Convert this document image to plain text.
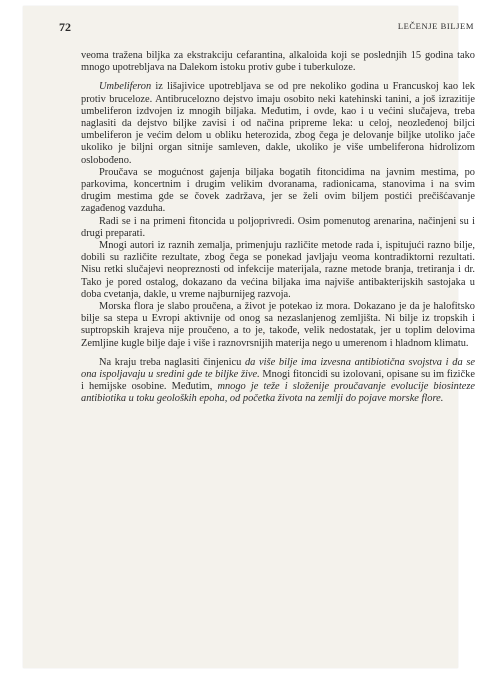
72	LEČENJE BILJEM

veoma tražena biljka za ekstrakciju cefarantina, alkaloida koji se poslednjih 15 godina tako mnogo upotrebljava na Dalekom istoku protiv gube i tuberkuloze.

Umbeliferon iz lišajivice upotrebljava se od pre nekoliko godina u Francuskoj kao lek protiv bruceloze. Antibrucelozno dejstvo imaju osobito neki katehinski tanini, a još izrazitije umbeliferon izdvojen iz mnogih biljaka. Međutim, i ovde, kao i u većini slučajeva, treba naglasiti da dejstvo biljke zavisi i od načina pripreme leka: u celoj, neozleđenoj biljci umbeliferon je većim delom u obliku heterozida, zbog čega je delovanje biljke utoliko jače ukoliko je biljni organ sitnije samleven, dakle, ukoliko je više umbeliferona hidrolizom oslobođeno.

Proučava se mogućnost gajenja biljaka bogatih fitoncidima na javnim mestima, po parkovima, koncertnim i drugim velikim dvoranama, radionicama, stanovima i na svim drugim mestima gde se čovek zadržava, jer se želi ovim biljem postići prečišćavanje zagađenog vazduha.

Radi se i na primeni fitoncida u poljoprivredi. Osim pomenutog arenarina, načinjeni su i drugi preparati.

Mnogi autori iz raznih zemalja, primenjuju različite metode rada i, ispitujući razno bilje, dobili su različite rezultate, zbog čega se ponekad javljaju veoma kontradiktorni rezultati. Nisu retki slučajevi neopreznosti od infekcije materijala, razne metode branja, tretiranja i dr. Tako je pored ostalog, dokazano da većina biljaka ima najviše antibakterijskih sastojaka u doba cvetanja, dakle, u vreme najburnijeg razvoja.

Morska flora je slabo proučena, a život je potekao iz mora. Dokazano je da je halofitsko bilje sa stepa u Evropi aktivnije od onog sa nezaslanjenog zemljišta. Ni bilje iz tropskih i suptropskih krajeva nije proučeno, a to je, takođe, velik nedostatak, jer u toplim delovima Zemljine kugle bilje daje i više i raznovrsnijih materija nego u umerenom i hladnom klimatu.

Na kraju treba naglasiti činjenicu da više bilje ima izvesna antibiotična svojstva i da se ona ispoljavaju u sredini gde te biljke žive. Mnogi fitoncidi su izolovani, opisane su im fizičke i hemijske osobine. Međutim, mnogo je teže i složenije proučavanje evolucije biosinteze antibiotika u toku geoloških epoha, od početka života na zemlji do pojave morske flore.
